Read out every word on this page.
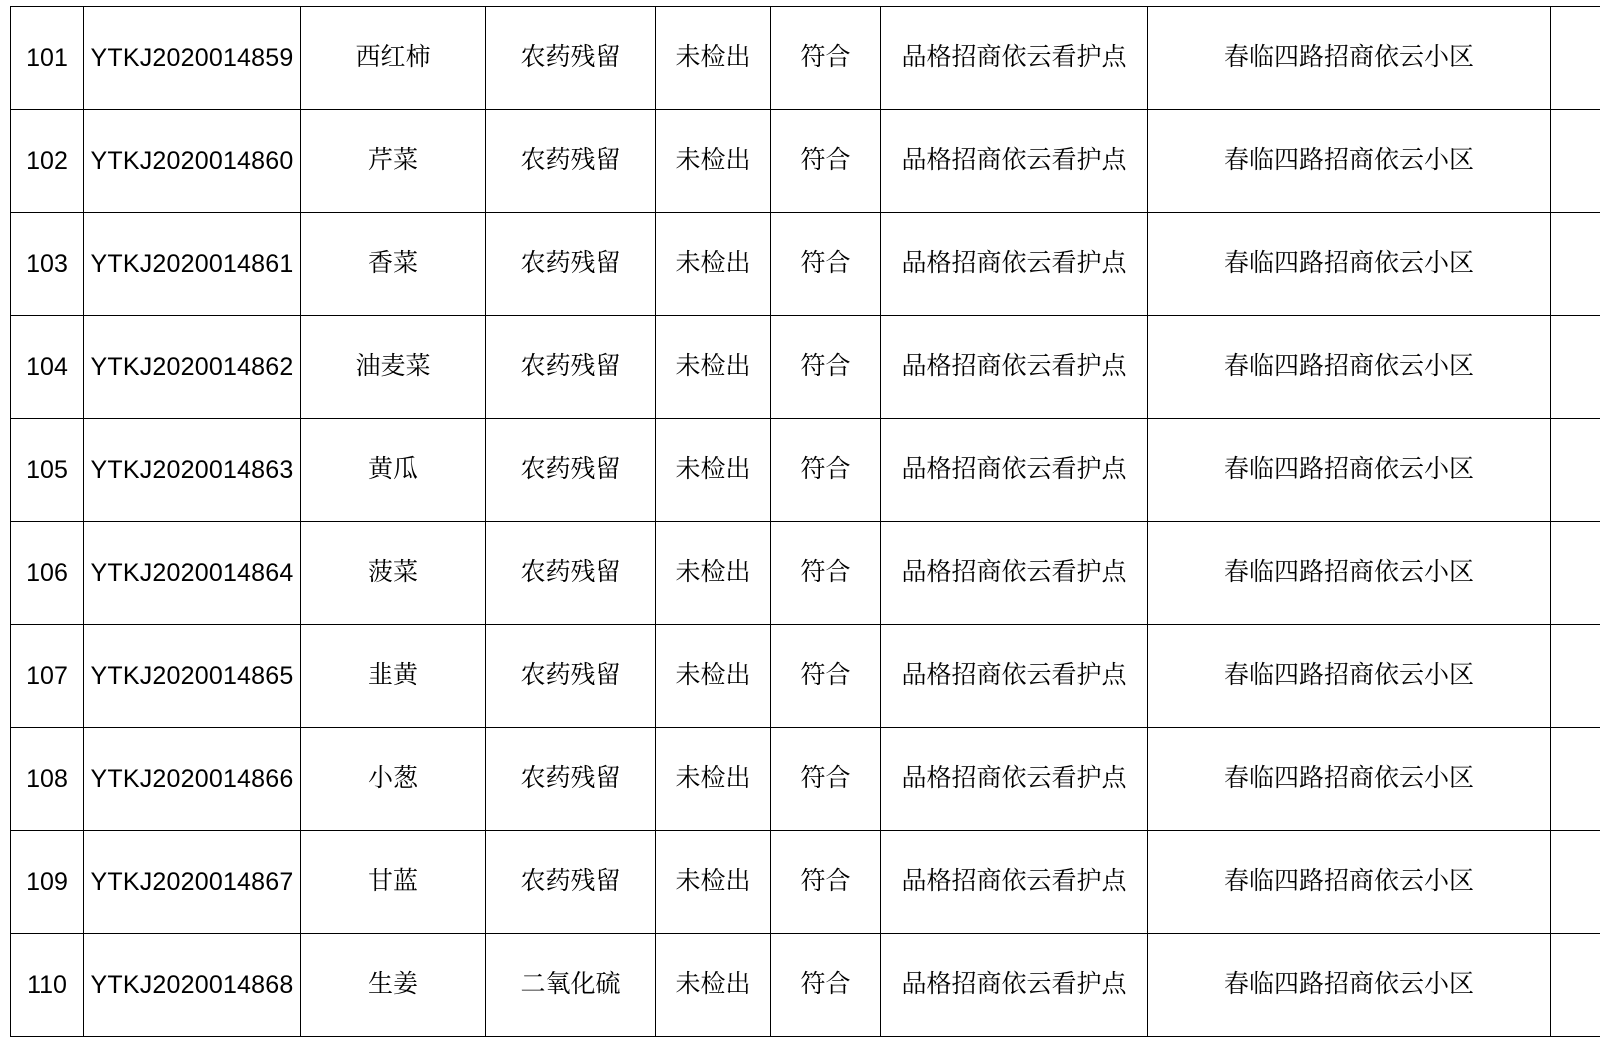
101	YTKJ2020014859	西红柿	农药残留	未检出	符合	品格招商依云看护点	春临四路招商依云小区	
102	YTKJ2020014860	芹菜	农药残留	未检出	符合	品格招商依云看护点	春临四路招商依云小区	
103	YTKJ2020014861	香菜	农药残留	未检出	符合	品格招商依云看护点	春临四路招商依云小区	
104	YTKJ2020014862	油麦菜	农药残留	未检出	符合	品格招商依云看护点	春临四路招商依云小区	
105	YTKJ2020014863	黄瓜	农药残留	未检出	符合	品格招商依云看护点	春临四路招商依云小区	
106	YTKJ2020014864	菠菜	农药残留	未检出	符合	品格招商依云看护点	春临四路招商依云小区	
107	YTKJ2020014865	韭黄	农药残留	未检出	符合	品格招商依云看护点	春临四路招商依云小区	
108	YTKJ2020014866	小葱	农药残留	未检出	符合	品格招商依云看护点	春临四路招商依云小区	
109	YTKJ2020014867	甘蓝	农药残留	未检出	符合	品格招商依云看护点	春临四路招商依云小区	
110	YTKJ2020014868	生姜	二氧化硫	未检出	符合	品格招商依云看护点	春临四路招商依云小区	
